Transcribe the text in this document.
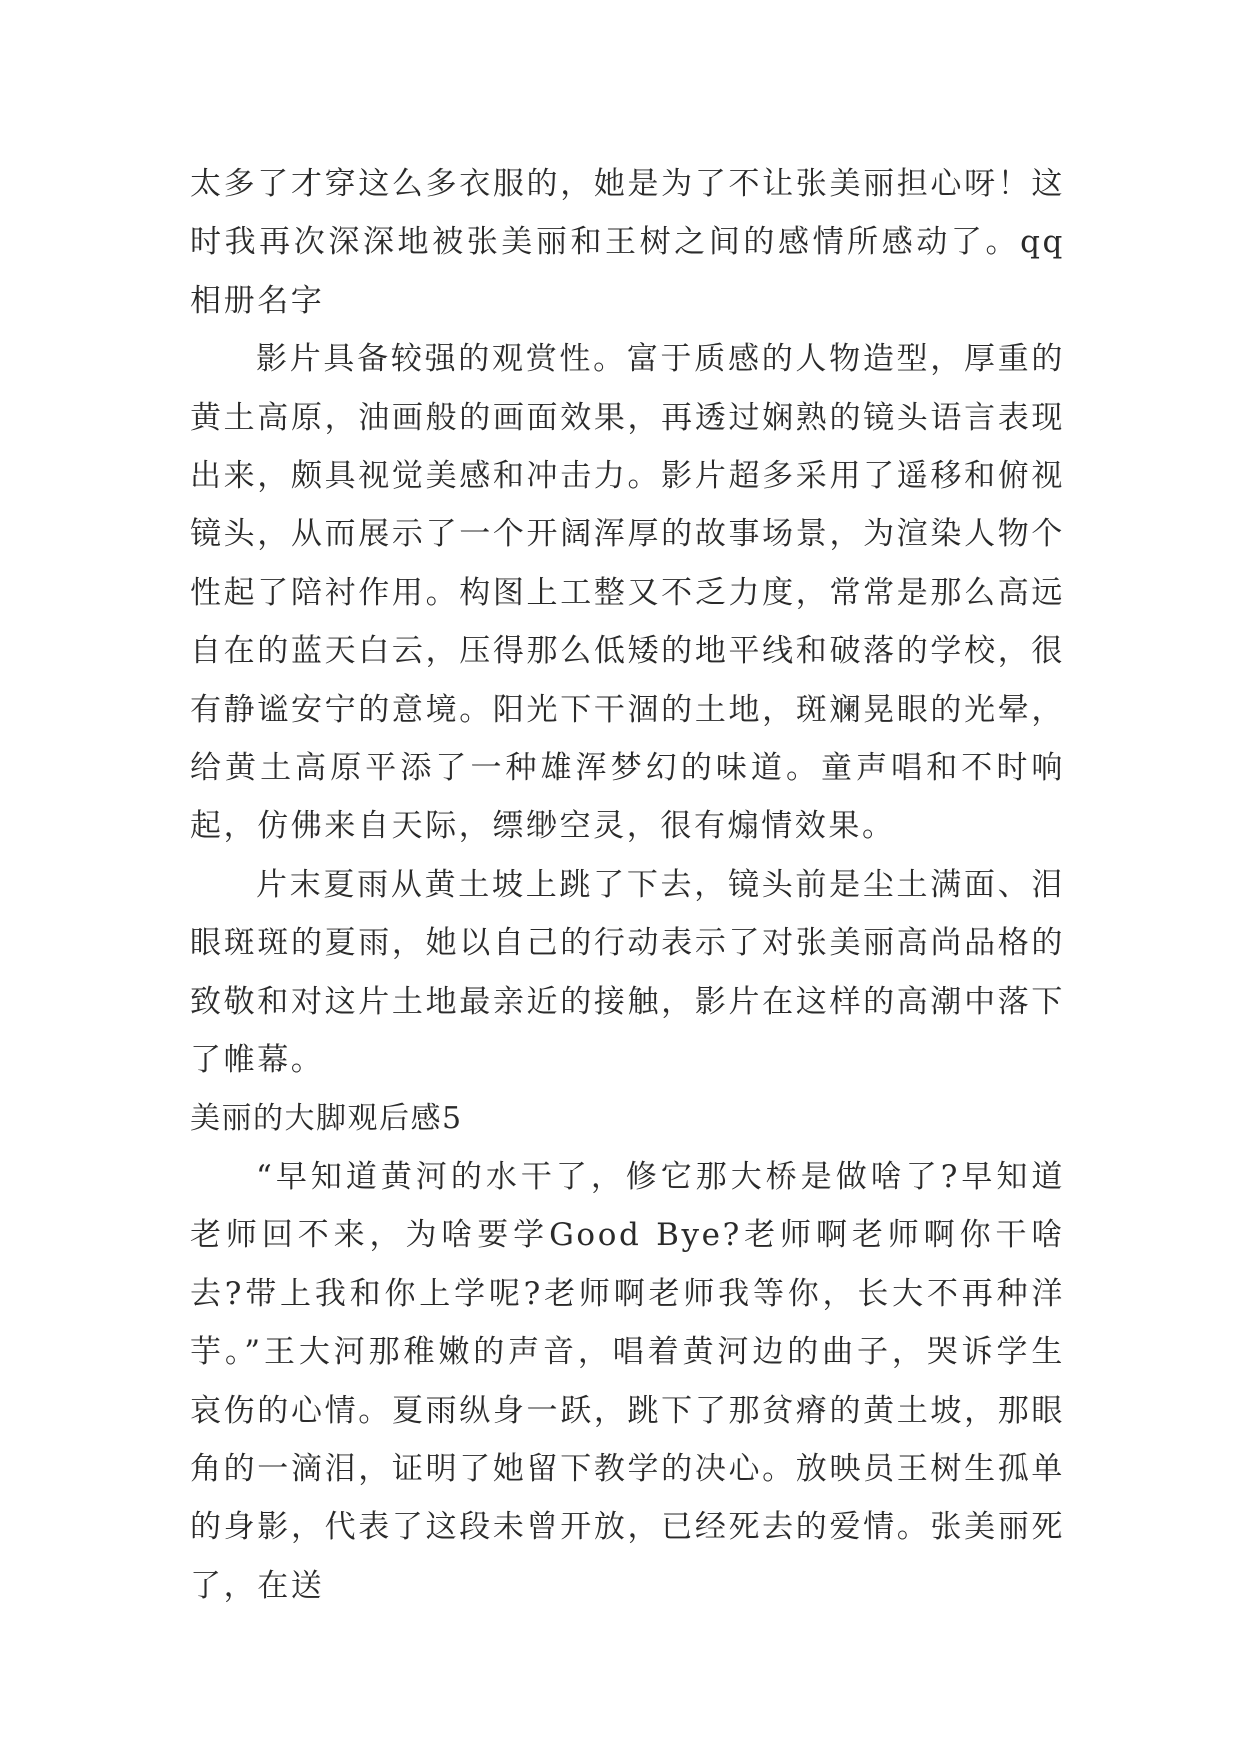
太多了才穿这么多衣服的，她是为了不让张美丽担心呀！这时我再次深深地被张美丽和王树之间的感情所感动了。qq相册名字

影片具备较强的观赏性。富于质感的人物造型，厚重的黄土高原，油画般的画面效果，再透过娴熟的镜头语言表现出来，颇具视觉美感和冲击力。影片超多采用了遥移和俯视镜头，从而展示了一个开阔浑厚的故事场景，为渲染人物个性起了陪衬作用。构图上工整又不乏力度，常常是那么高远自在的蓝天白云，压得那么低矮的地平线和破落的学校，很有静谧安宁的意境。阳光下干涸的土地，斑斓晃眼的光晕，给黄土高原平添了一种雄浑梦幻的味道。童声唱和不时响起，仿佛来自天际，缥缈空灵，很有煽情效果。

片末夏雨从黄土坡上跳了下去，镜头前是尘土满面、泪眼斑斑的夏雨，她以自己的行动表示了对张美丽高尚品格的致敬和对这片土地最亲近的接触，影片在这样的高潮中落下了帷幕。

美丽的大脚观后感5

“早知道黄河的水干了，修它那大桥是做啥了?早知道老师回不来，为啥要学Good Bye?老师啊老师啊你干啥去?带上我和你上学呢?老师啊老师我等你，长大不再种洋芋。”王大河那稚嫩的声音，唱着黄河边的曲子，哭诉学生哀伤的心情。夏雨纵身一跃，跳下了那贫瘠的黄土坡，那眼角的一滴泪，证明了她留下教学的决心。放映员王树生孤单的身影，代表了这段未曾开放，已经死去的爱情。张美丽死了，在送
